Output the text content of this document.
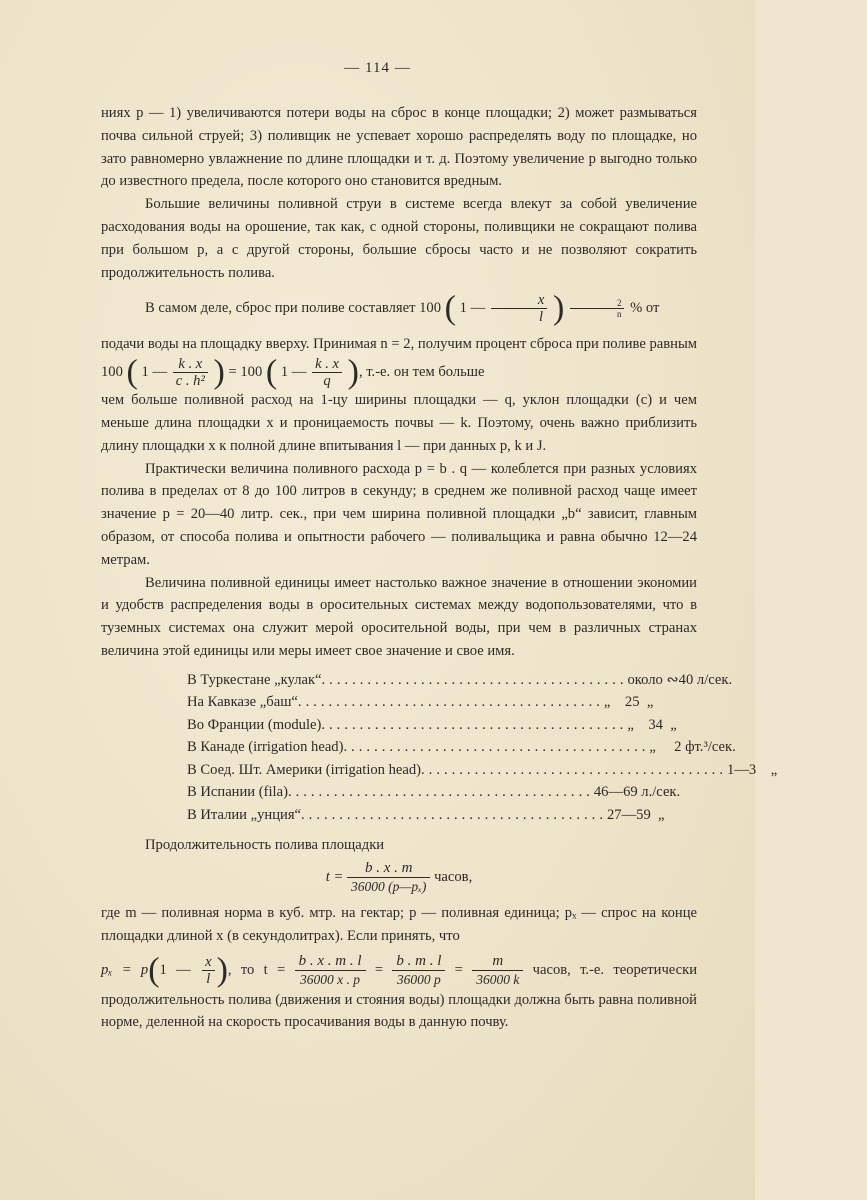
— 114 —

ниях p — 1) увеличиваются потери воды на сброс в конце площадки; 2) может размываться почва сильной струей; 3) поливщик не успевает хорошо распределять воду по площадке, но зато равномерно увлажнение по длине площадки и т. д. Поэтому увеличение p выгодно только до известного предела, после которого оно становится вредным.

Большие величины поливной струи в системе всегда влекут за собой увеличение расходования воды на орошение, так как, с одной стороны, поливщики не сокращают полива при большом p, а с другой стороны, большие сбросы часто и не позволяют сократить продолжительность полива.

В самом деле, сброс при поливе составляет 100 ( 1 — $\frac{x}{l}$ ) $\frac{2}{n}$ % от

подачи воды на площадку вверху. Принимая n = 2, получим процент сброса при поливе равным 100 ( 1 — $\frac{k . x}{\text{c . h²}}$ ) = 100 ( 1 — $\frac{k . x}{q}$ ), т.-е. он тем больше

чем больше поливной расход на 1-цу ширины площадки — q, уклон площадки (c) и чем меньше длина площадки x и проницаемость почвы — k. Поэтому, очень важно приблизить длину площадки x к полной длине впитывания l — при данных p, k и J.

Практически величина поливного расхода p = b . q — колеблется при разных условиях полива в пределах от 8 до 100 литров в секунду; в среднем же поливной расход чаще имеет значение p = 20—40 литр. сек., при чем ширина поливной площадки „b“ зависит, главным образом, от способа полива и опытности рабочего — поливальщика и равна обычно 12—24 метрам.

Величина поливной единицы имеет настолько важное значение в отношении экономии и удобств распределения воды в оросительных системах между водопользователями, что в туземных системах она служит мерой оросительной воды, при чем в различных странах величина этой единицы или меры имеет свое значение и свое имя.

В Туркестане „кулак“ ........................................ около ∾40 л/сек.
На Кавказе „баш“ ........................................ „    25  „
Во Франции (module) ........................................ „    34  „
В Канаде (irrigation head) ........................................ „     2 фт.³/сек.
В Соед. Шт. Америки (irrigation head) ........................................ 1—3    „
В Испании (fila) ........................................ 46—69 л./сек.
В Италии „унция“ ........................................ 27—59  „

Продолжительность полива площадки

$t = \frac{b . x . m}{\text{36000 (p—pₓ)}}$ часов,

где m — поливная норма в куб. мтр. на гектар; p — поливная единица; pₓ — спрос на конце площадки длиной x (в секундолитрах). Если принять, что

pₓ = p(1 — $\frac{x}{l}$ ), то $t = \frac{b . x . m . l}{36000 x . p} = \frac{b . m . l}{36000 p} = \frac{m}{36000 k}$ часов, т.-е. теоретически продолжительность полива (движения и стояния воды) площадки должна быть равна поливной норме, деленной на скорость просачивания воды в данную почву.
